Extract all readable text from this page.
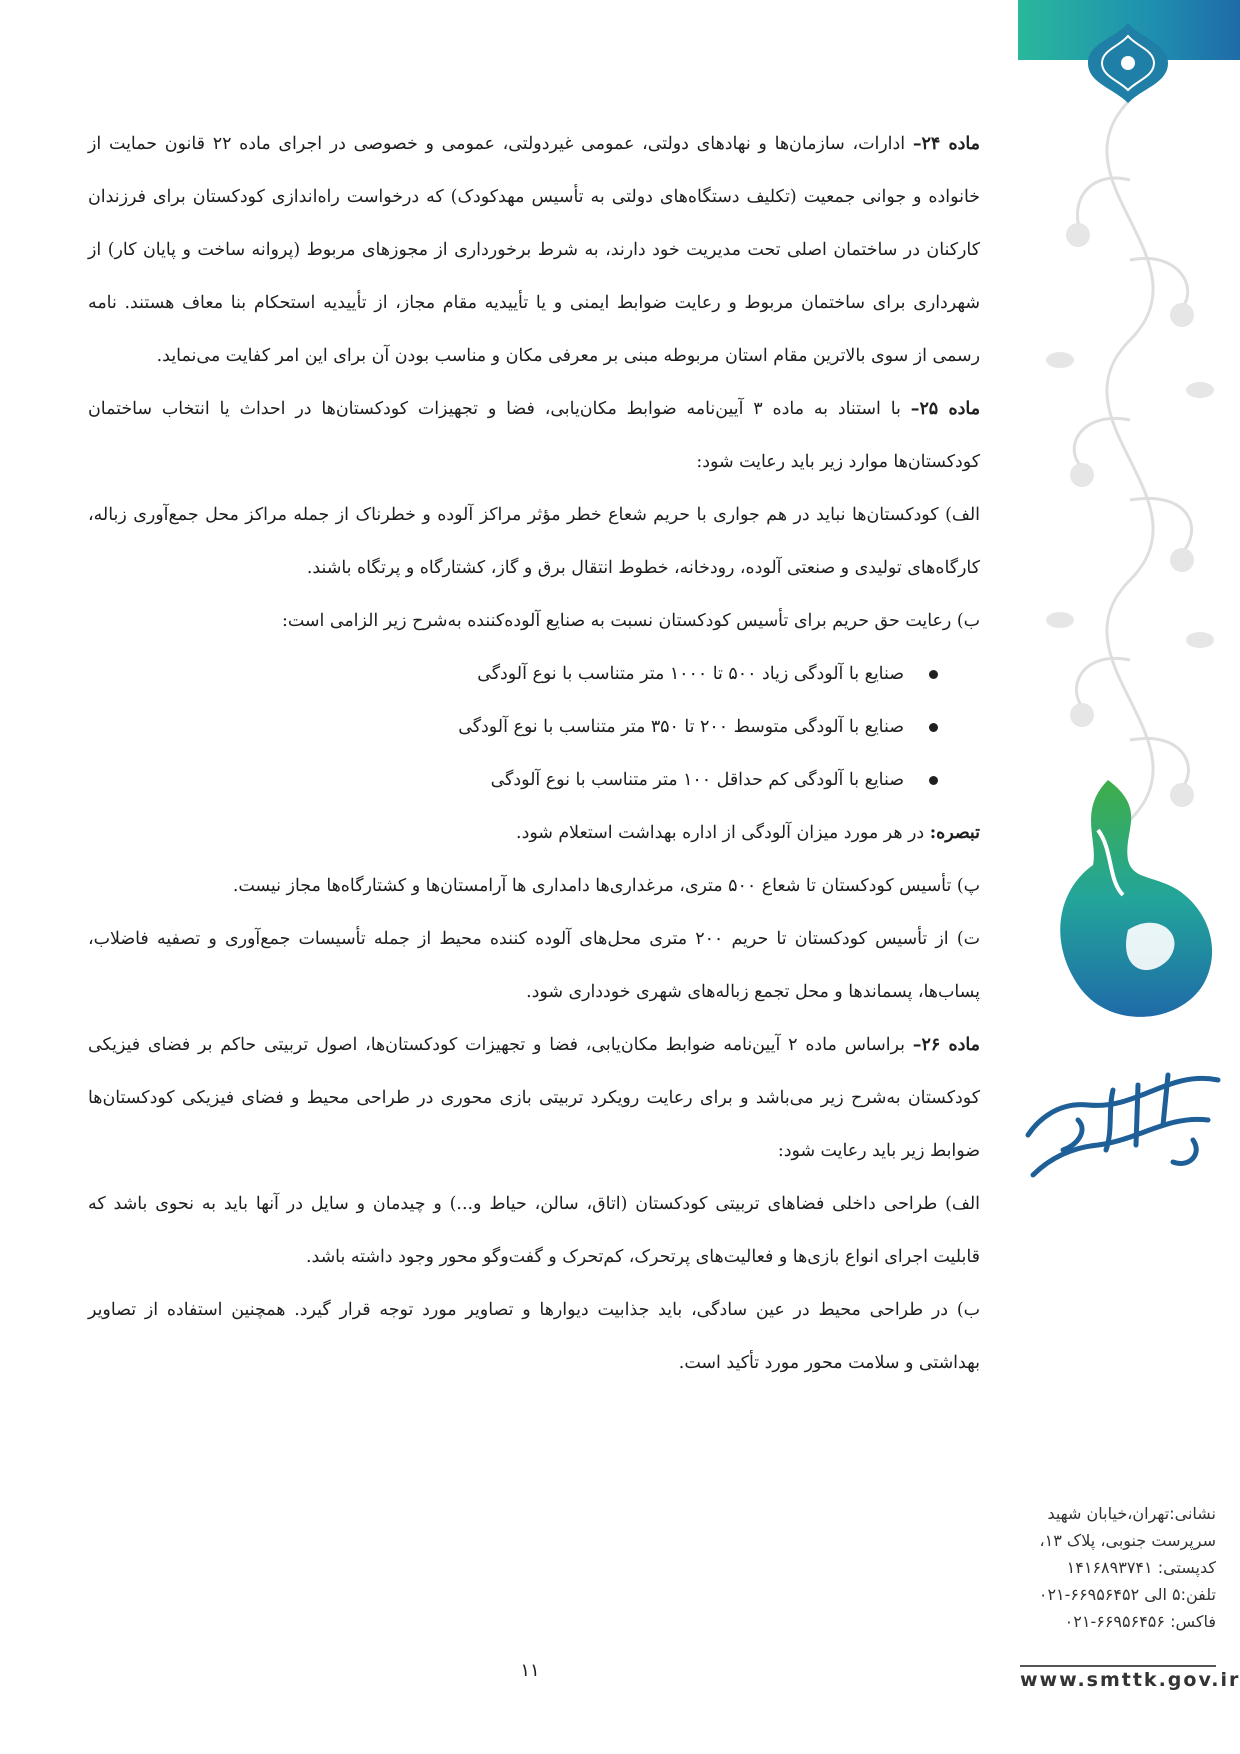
ماده ۲۴– ادارات، سازمان‌ها و نهادهای دولتی، عمومی غیردولتی، عمومی و خصوصی در اجرای ماده ۲۲ قانون حمایت از خانواده و جوانی جمعیت (تکلیف دستگاه‌های دولتی به تأسیس مهدکودک) که درخواست راه‌اندازی کودکستان برای فرزندان کارکنان در ساختمان اصلی تحت مدیریت خود دارند، به شرط برخورداری از مجوزهای مربوط (پروانه ساخت و پایان کار) از شهرداری برای ساختمان مربوط و رعایت ضوابط ایمنی و یا تأییدیه مقام مجاز، از تأییدیه استحکام بنا معاف هستند. نامه رسمی از سوی بالاترین مقام استان مربوطه مبنی بر معرفی مکان و مناسب بودن آن برای این امر کفایت می‌نماید.

ماده ۲۵– با استناد به ماده ۳ آیین‌نامه ضوابط مکان‌یابی، فضا و تجهیزات کودکستان‌ها در احداث یا انتخاب ساختمان کودکستان‌ها موارد زیر باید رعایت شود:

الف) کودکستان‌ها نباید در هم جواری با حریم شعاع خطر مؤثر مراکز آلوده و خطرناک از جمله مراکز محل جمع‌آوری زباله، کارگاه‌های تولیدی و صنعتی آلوده، رودخانه، خطوط انتقال برق و گاز، کشتارگاه و پرتگاه باشند.

ب) رعایت حق حریم برای تأسیس کودکستان نسبت به صنایع آلوده‌کننده به‌شرح زیر الزامی است:

صنایع با آلودگی زیاد ۵۰۰ تا ۱۰۰۰ متر متناسب با نوع آلودگی
صنایع با آلودگی متوسط ۲۰۰ تا ۳۵۰ متر متناسب با نوع آلودگی
صنایع با آلودگی کم حداقل ۱۰۰ متر متناسب با نوع آلودگی

تبصره: در هر مورد میزان آلودگی از اداره بهداشت استعلام شود.

پ) تأسیس کودکستان تا شعاع ۵۰۰ متری، مرغداری‌ها دامداری ها آرامستان‌ها و کشتارگاه‌ها مجاز نیست.

ت) از تأسیس کودکستان تا حریم ۲۰۰ متری محل‌های آلوده کننده محیط از جمله تأسیسات جمع‌آوری و تصفیه فاضلاب، پساب‌ها، پسماندها و محل تجمع زباله‌های شهری خودداری شود.

ماده ۲۶– براساس ماده ۲ آیین‌نامه ضوابط مکان‌یابی، فضا و تجهیزات کودکستان‌ها، اصول تربیتی حاکم بر فضای فیزیکی کودکستان به‌شرح زیر می‌باشد و برای رعایت رویکرد تربیتی بازی محوری در طراحی محیط و فضای فیزیکی کودکستان‌ها ضوابط زیر باید رعایت شود:

الف) طراحی داخلی فضاهای تربیتی کودکستان (اتاق، سالن، حیاط و...) و چیدمان و سایل در آنها باید به نحوی باشد که قابلیت اجرای انواع بازی‌ها و فعالیت‌های پرتحرک، کم‌تحرک و گفت‌وگو محور وجود داشته باشد.

ب) در طراحی محیط در عین سادگی، باید جذابیت دیوارها و تصاویر مورد توجه قرار گیرد. همچنین استفاده از تصاویر بهداشتی و سلامت محور مورد تأکید است.

۱۱
نشانی:تهران،خیابان شهید
سرپرست جنوبی، پلاک ۱۳،
کدپستی: ۱۴۱۶۸۹۳۷۴۱
تلفن:۵ الی ۶۶۹۵۶۴۵۲-۰۲۱
فاکس: ۶۶۹۵۶۴۵۶-۰۲۱
www.smttk.gov.ir
